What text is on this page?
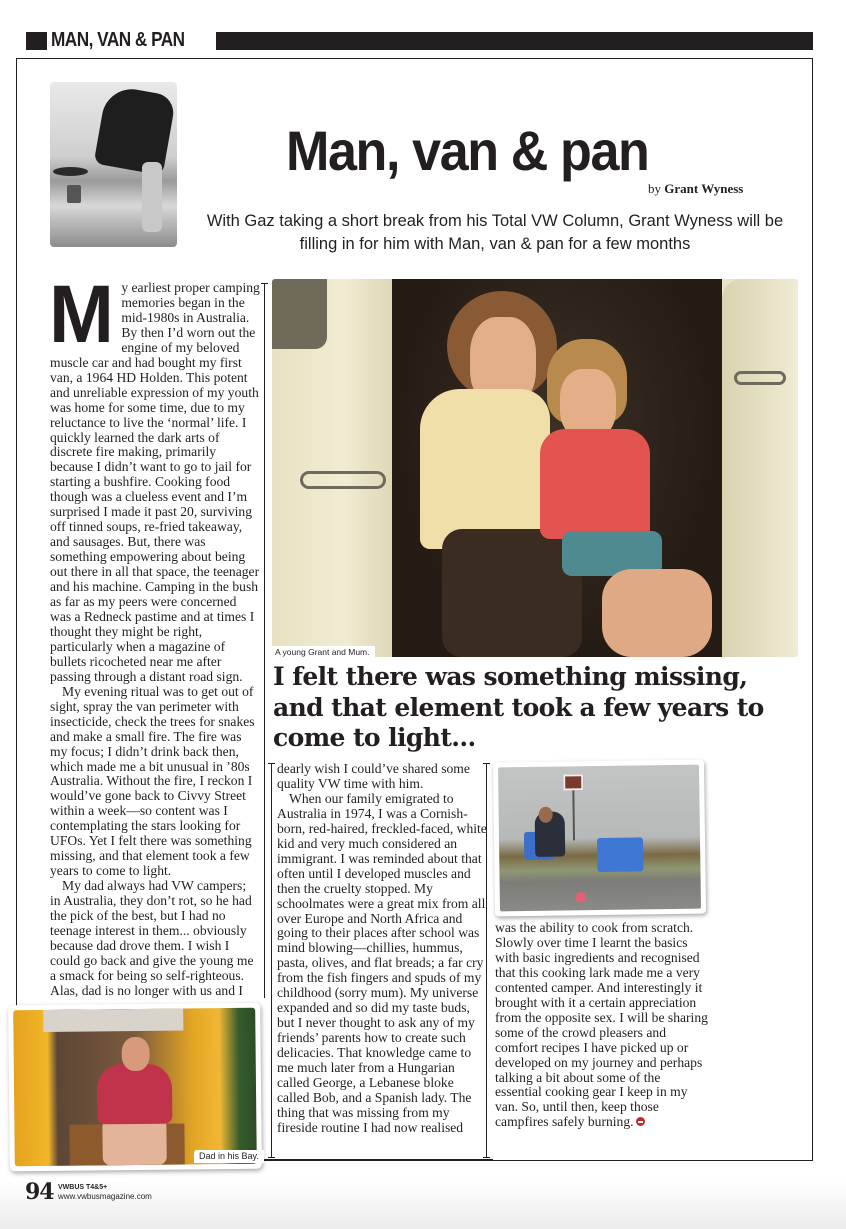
MAN, VAN & PAN
Man, van & pan
by Grant Wyness
With Gaz taking a short break from his Total VW Column, Grant Wyness will be filling in for him with Man, van & pan for a few months
M y earliest proper camping memories began in the mid-1980s in Australia. By then I’d worn out the engine of my beloved muscle car and had bought my first van, a 1964 HD Holden. This potent and unreliable expression of my youth was home for some time, due to my reluctance to live the ‘normal’ life. I quickly learned the dark arts of discrete fire making, primarily because I didn’t want to go to jail for starting a bushfire. Cooking food though was a clueless event and I’m surprised I made it past 20, surviving off tinned soups, re-fried takeaway, and sausages. But, there was something empowering about being out there in all that space, the teenager and his machine. Camping in the bush as far as my peers were concerned was a Redneck pastime and at times I thought they might be right, particularly when a magazine of bullets ricocheted near me after passing through a distant road sign.

My evening ritual was to get out of sight, spray the van perimeter with insecticide, check the trees for snakes and make a small fire. The fire was my focus; I didn’t drink back then, which made me a bit unusual in ’80s Australia. Without the fire, I reckon I would’ve gone back to Civvy Street within a week—so content was I contemplating the stars looking for UFOs. Yet I felt there was something missing, and that element took a few years to come to light.

My dad always had VW campers; in Australia, they don’t rot, so he had the pick of the best, but I had no teenage interest in them... obviously because dad drove them. I wish I could go back and give the young me a smack for being so self-righteous. Alas, dad is no longer with us and I

A young Grant and Mum.
I felt there was something missing, and that element took a few years to come to light...

dearly wish I could’ve shared some quality VW time with him.

When our family emigrated to Australia in 1974, I was a Cornish-born, red-haired, freckled-faced, white kid and very much considered an immigrant. I was reminded about that often until I developed muscles and then the cruelty stopped. My schoolmates were a great mix from all over Europe and North Africa and going to their places after school was mind blowing—chillies, hummus, pasta, olives, and flat breads; a far cry from the fish fingers and spuds of my childhood (sorry mum). My universe expanded and so did my taste buds, but I never thought to ask any of my friends’ parents how to create such delicacies. That knowledge came to me much later from a Hungarian called George, a Lebanese bloke called Bob, and a Spanish lady. The thing that was missing from my fireside routine I had now realised

was the ability to cook from scratch. Slowly over time I learnt the basics with basic ingredients and recognised that this cooking lark made me a very contented camper. And interestingly it brought with it a certain appreciation from the opposite sex. I will be sharing some of the crowd pleasers and comfort recipes I have picked up or developed on my journey and perhaps talking a bit about some of the essential cooking gear I keep in my van. So, until then, keep those campfires safely burning.

Dad in his Bay.
94 VWBUS T4&5+
www.vwbusmagazine.com
